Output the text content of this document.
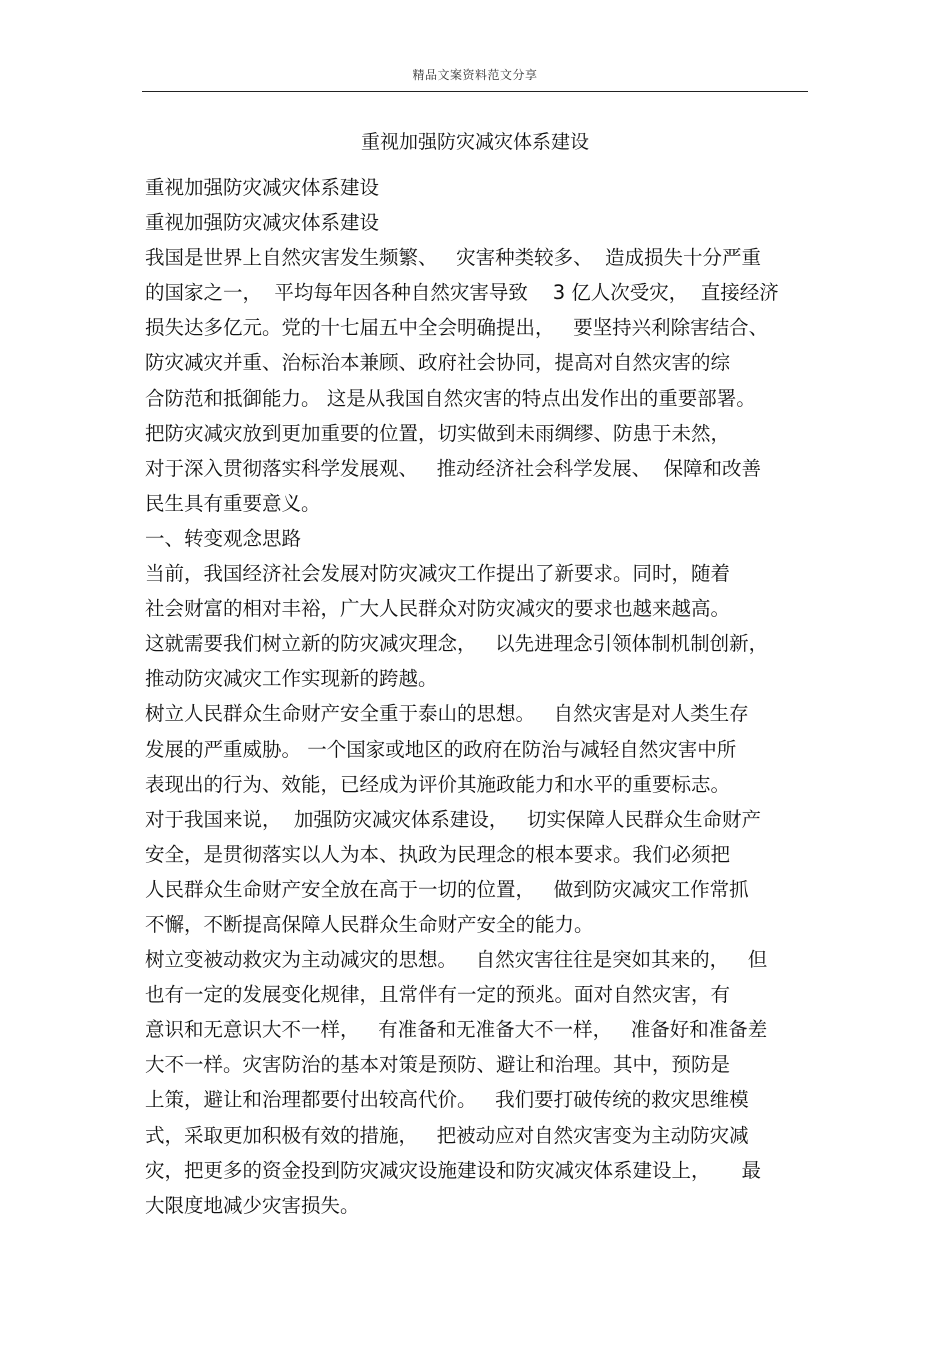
精品文案资料范文分享
重视加强防灾减灾体系建设
重视加强防灾减灾体系建设
重视加强防灾减灾体系建设
我国是世界上自然灾害发生频繁、   灾害种类较多、  造成损失十分严重
的国家之一，  平均每年因各种自然灾害导致    3 亿人次受灾，  直接经济
损失达多亿元。党的十七届五中全会明确提出，   要坚持兴利除害结合、
防灾减灾并重、治标治本兼顾、政府社会协同，提高对自然灾害的综
合防范和抵御能力。 这是从我国自然灾害的特点出发作出的重要部署。
把防灾减灾放到更加重要的位置，切实做到未雨绸缪、防患于未然，
对于深入贯彻落实科学发展观、   推动经济社会科学发展、  保障和改善
民生具有重要意义。
一、转变观念思路
当前，我国经济社会发展对防灾减灾工作提出了新要求。同时，随着
社会财富的相对丰裕，广大人民群众对防灾减灾的要求也越来越高。
这就需要我们树立新的防灾减灾理念，   以先进理念引领体制机制创新，
推动防灾减灾工作实现新的跨越。
树立人民群众生命财产安全重于泰山的思想。   自然灾害是对人类生存
发展的严重威胁。 一个国家或地区的政府在防治与减轻自然灾害中所
表现出的行为、效能，已经成为评价其施政能力和水平的重要标志。
对于我国来说，  加强防灾减灾体系建设，   切实保障人民群众生命财产
安全，是贯彻落实以人为本、执政为民理念的根本要求。我们必须把
人民群众生命财产安全放在高于一切的位置，   做到防灾减灾工作常抓
不懈，不断提高保障人民群众生命财产安全的能力。
树立变被动救灾为主动减灾的思想。   自然灾害往往是突如其来的，   但
也有一定的发展变化规律，且常伴有一定的预兆。面对自然灾害，有
意识和无意识大不一样，   有准备和无准备大不一样，   准备好和准备差
大不一样。灾害防治的基本对策是预防、避让和治理。其中，预防是
上策，避让和治理都要付出较高代价。   我们要打破传统的救灾思维模
式，采取更加积极有效的措施，   把被动应对自然灾害变为主动防灾减
灾，把更多的资金投到防灾减灾设施建设和防灾减灾体系建设上，     最
大限度地减少灾害损失。
